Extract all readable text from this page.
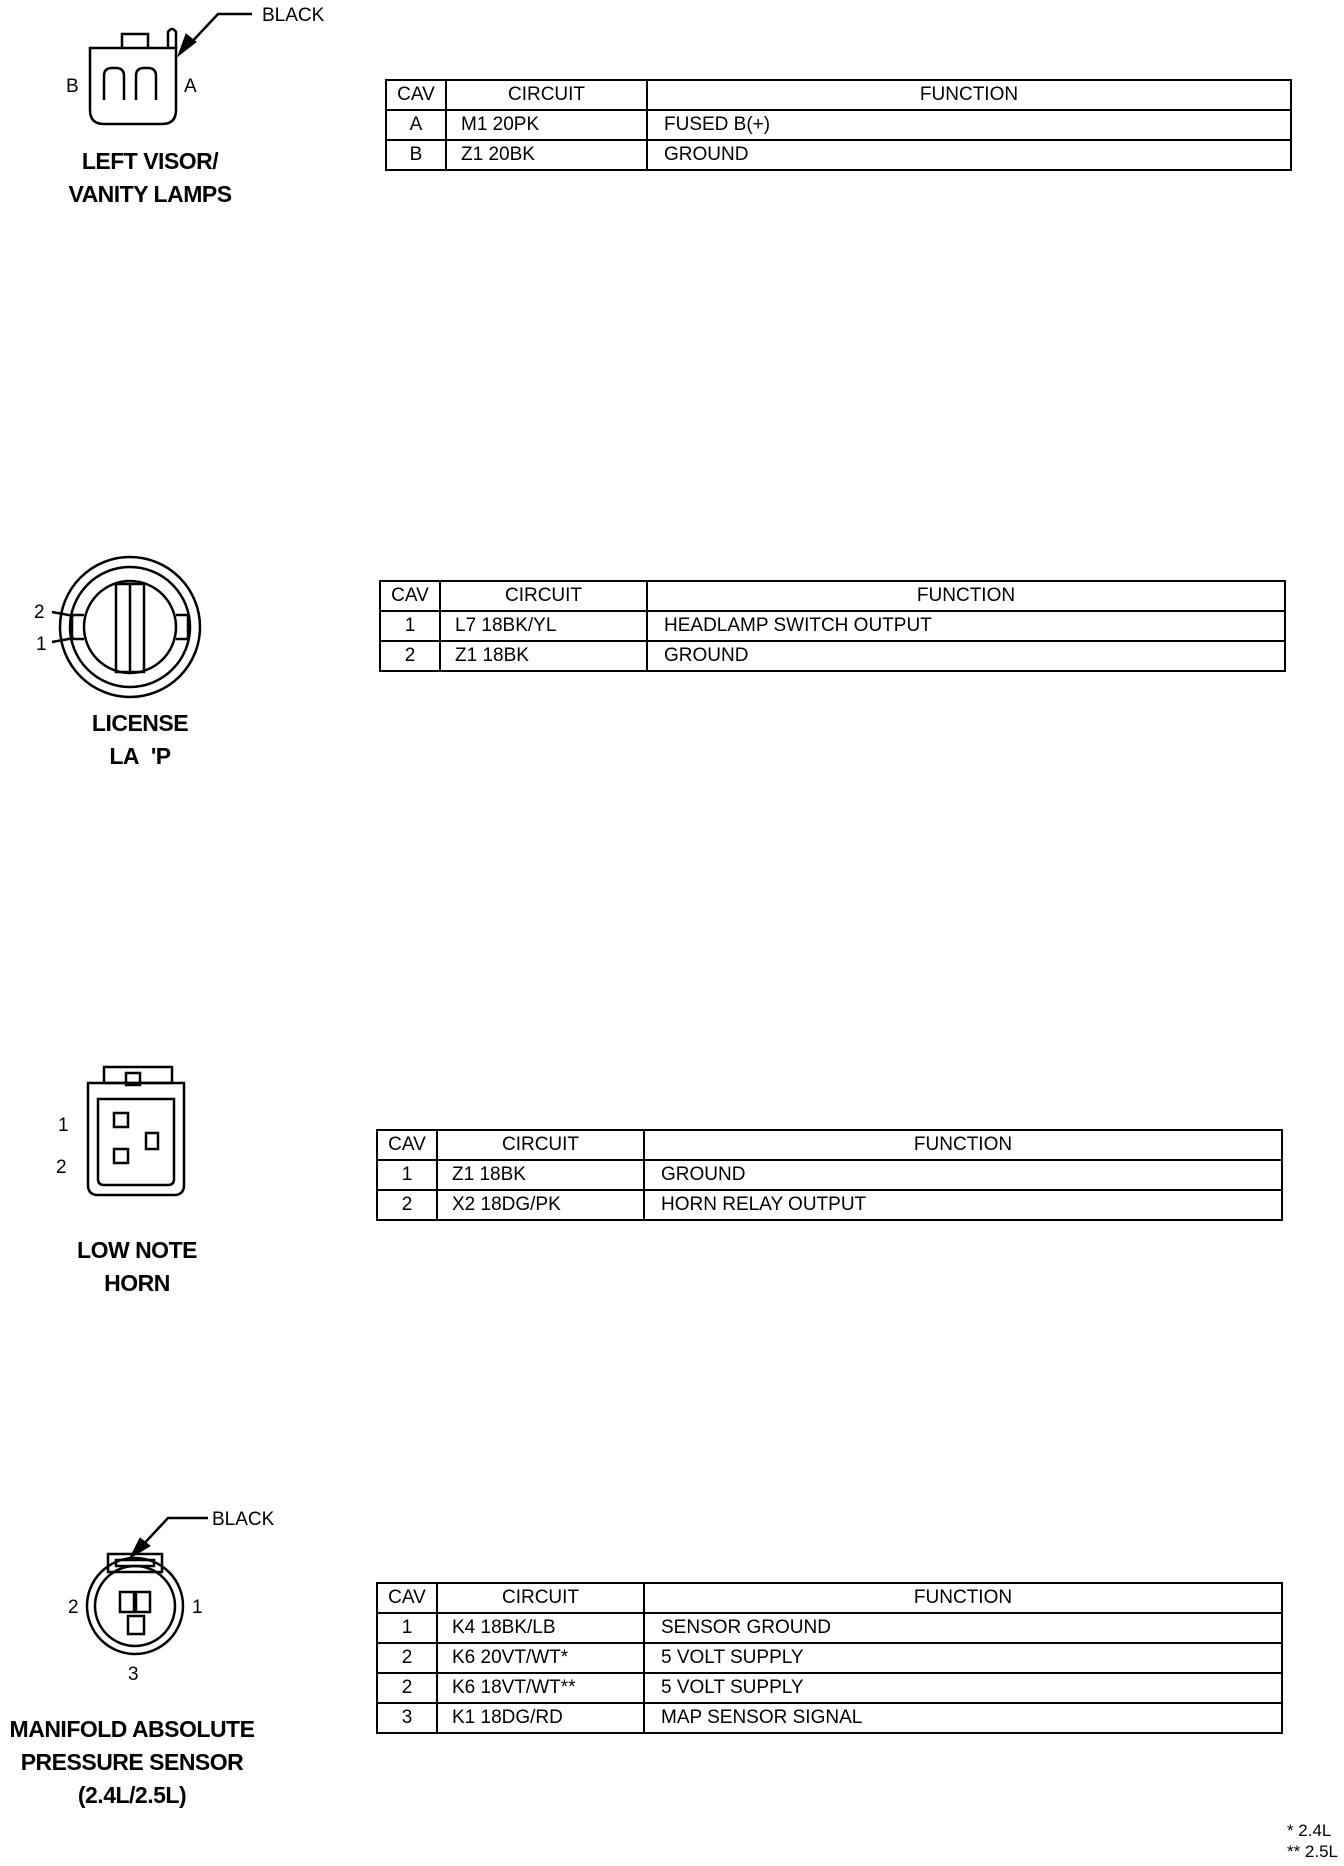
B	A
BLACK
LEFT VISOR/
VANITY LAMPS
CAV	CIRCUIT	FUNCTION
A	M1 20PK	FUSED B(+)
B	Z1 20BK	GROUND
2
1
LICENSE
LA  'P
CAV	CIRCUIT	FUNCTION
1	L7 18BK/YL	HEADLAMP SWITCH OUTPUT
2	Z1 18BK	GROUND
1
2
LOW NOTE
HORN
CAV	CIRCUIT	FUNCTION
1	Z1 18BK	GROUND
2	X2 18DG/PK	HORN RELAY OUTPUT
2	1
3
BLACK
MANIFOLD ABSOLUTE
PRESSURE SENSOR
(2.4L/2.5L)
CAV	CIRCUIT	FUNCTION
1	K4 18BK/LB	SENSOR GROUND
2	K6 20VT/WT*	5 VOLT SUPPLY
2	K6 18VT/WT**	5 VOLT SUPPLY
3	K1 18DG/RD	MAP SENSOR SIGNAL
* 2.4L
** 2.5L
